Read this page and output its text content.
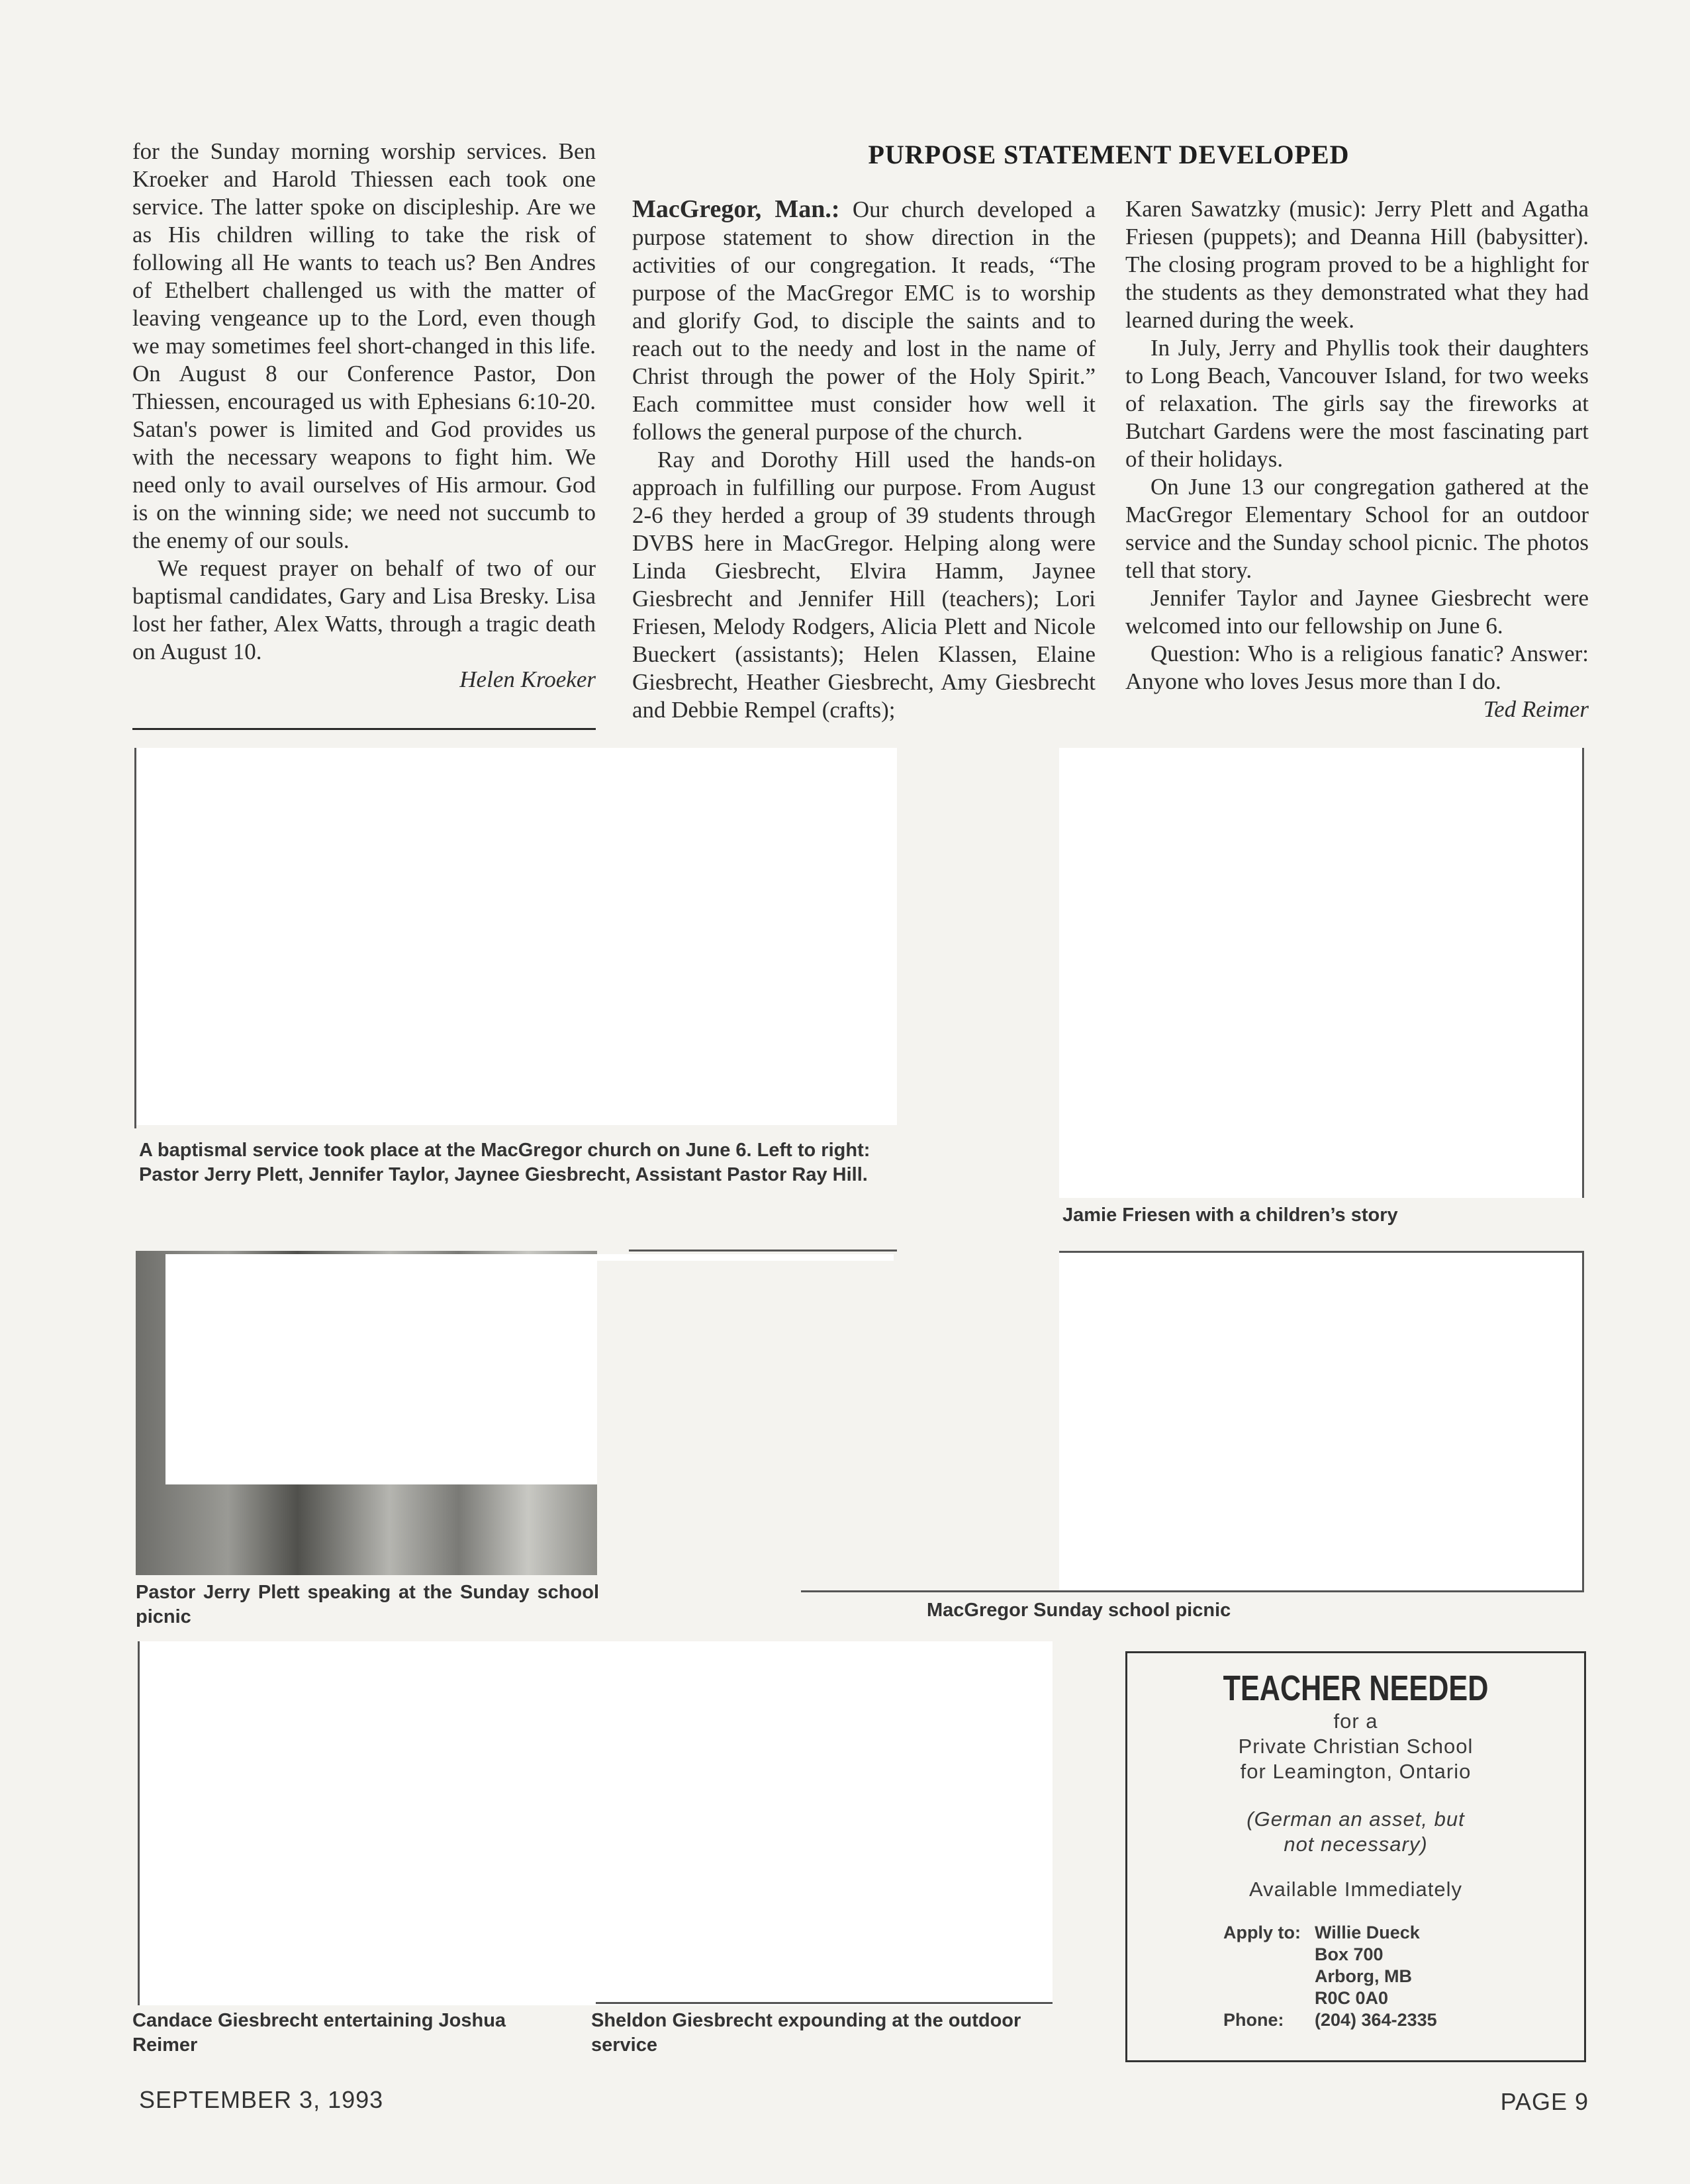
for the Sunday morning worship services. Ben Kroeker and Harold Thiessen each took one service. The latter spoke on discipleship. Are we as His children willing to take the risk of following all He wants to teach us? Ben Andres of Ethelbert challenged us with the matter of leaving vengeance up to the Lord, even though we may sometimes feel short-changed in this life. On August 8 our Conference Pastor, Don Thiessen, encouraged us with Ephesians 6:10-20. Satan's power is limited and God provides us with the necessary weapons to fight him. We need only to avail ourselves of His armour. God is on the winning side; we need not succumb to the enemy of our souls.

We request prayer on behalf of two of our baptismal candidates, Gary and Lisa Bresky. Lisa lost her father, Alex Watts, through a tragic death on August 10.

Helen Kroeker

PURPOSE STATEMENT DEVELOPED

MacGregor, Man.: Our church developed a purpose statement to show direction in the activities of our congregation. It reads, “The purpose of the MacGregor EMC is to worship and glorify God, to disciple the saints and to reach out to the needy and lost in the name of Christ through the power of the Holy Spirit.” Each committee must consider how well it follows the general purpose of the church.

Ray and Dorothy Hill used the hands-on approach in fulfilling our purpose. From August 2-6 they herded a group of 39 students through DVBS here in MacGregor. Helping along were Linda Giesbrecht, Elvira Hamm, Jaynee Giesbrecht and Jennifer Hill (teachers); Lori Friesen, Melody Rodgers, Alicia Plett and Nicole Bueckert (assistants); Helen Klassen, Elaine Giesbrecht, Heather Giesbrecht, Amy Giesbrecht and Debbie Rempel (crafts);

Karen Sawatzky (music): Jerry Plett and Agatha Friesen (puppets); and Deanna Hill (babysitter). The closing program proved to be a highlight for the students as they demonstrated what they had learned during the week.

In July, Jerry and Phyllis took their daughters to Long Beach, Vancouver Island, for two weeks of relaxation. The girls say the fireworks at Butchart Gardens were the most fascinating part of their holidays.

On June 13 our congregation gathered at the MacGregor Elementary School for an outdoor service and the Sunday school picnic. The photos tell that story.

Jennifer Taylor and Jaynee Giesbrecht were welcomed into our fellowship on June 6.

Question: Who is a religious fanatic? Answer: Anyone who loves Jesus more than I do.

Ted Reimer

A baptismal service took place at the MacGregor church on June 6. Left to right: Pastor Jerry Plett, Jennifer Taylor, Jaynee Giesbrecht, Assistant Pastor Ray Hill.
Jamie Friesen with a children’s story
Pastor Jerry Plett speaking at the Sunday school picnic	MacGregor Sunday school picnic
Candace Giesbrecht entertaining Joshua Reimer
Sheldon Giesbrecht expounding at the outdoor service
TEACHER NEEDED
for a
Private Christian School
for Leamington, Ontario
(German an asset, but
not necessary)
Available Immediately
Apply to: Willie Dueck
Box 700
Arborg, MB
R0C 0A0
Phone: (204) 364-2335
SEPTEMBER 3, 1993	PAGE 9
